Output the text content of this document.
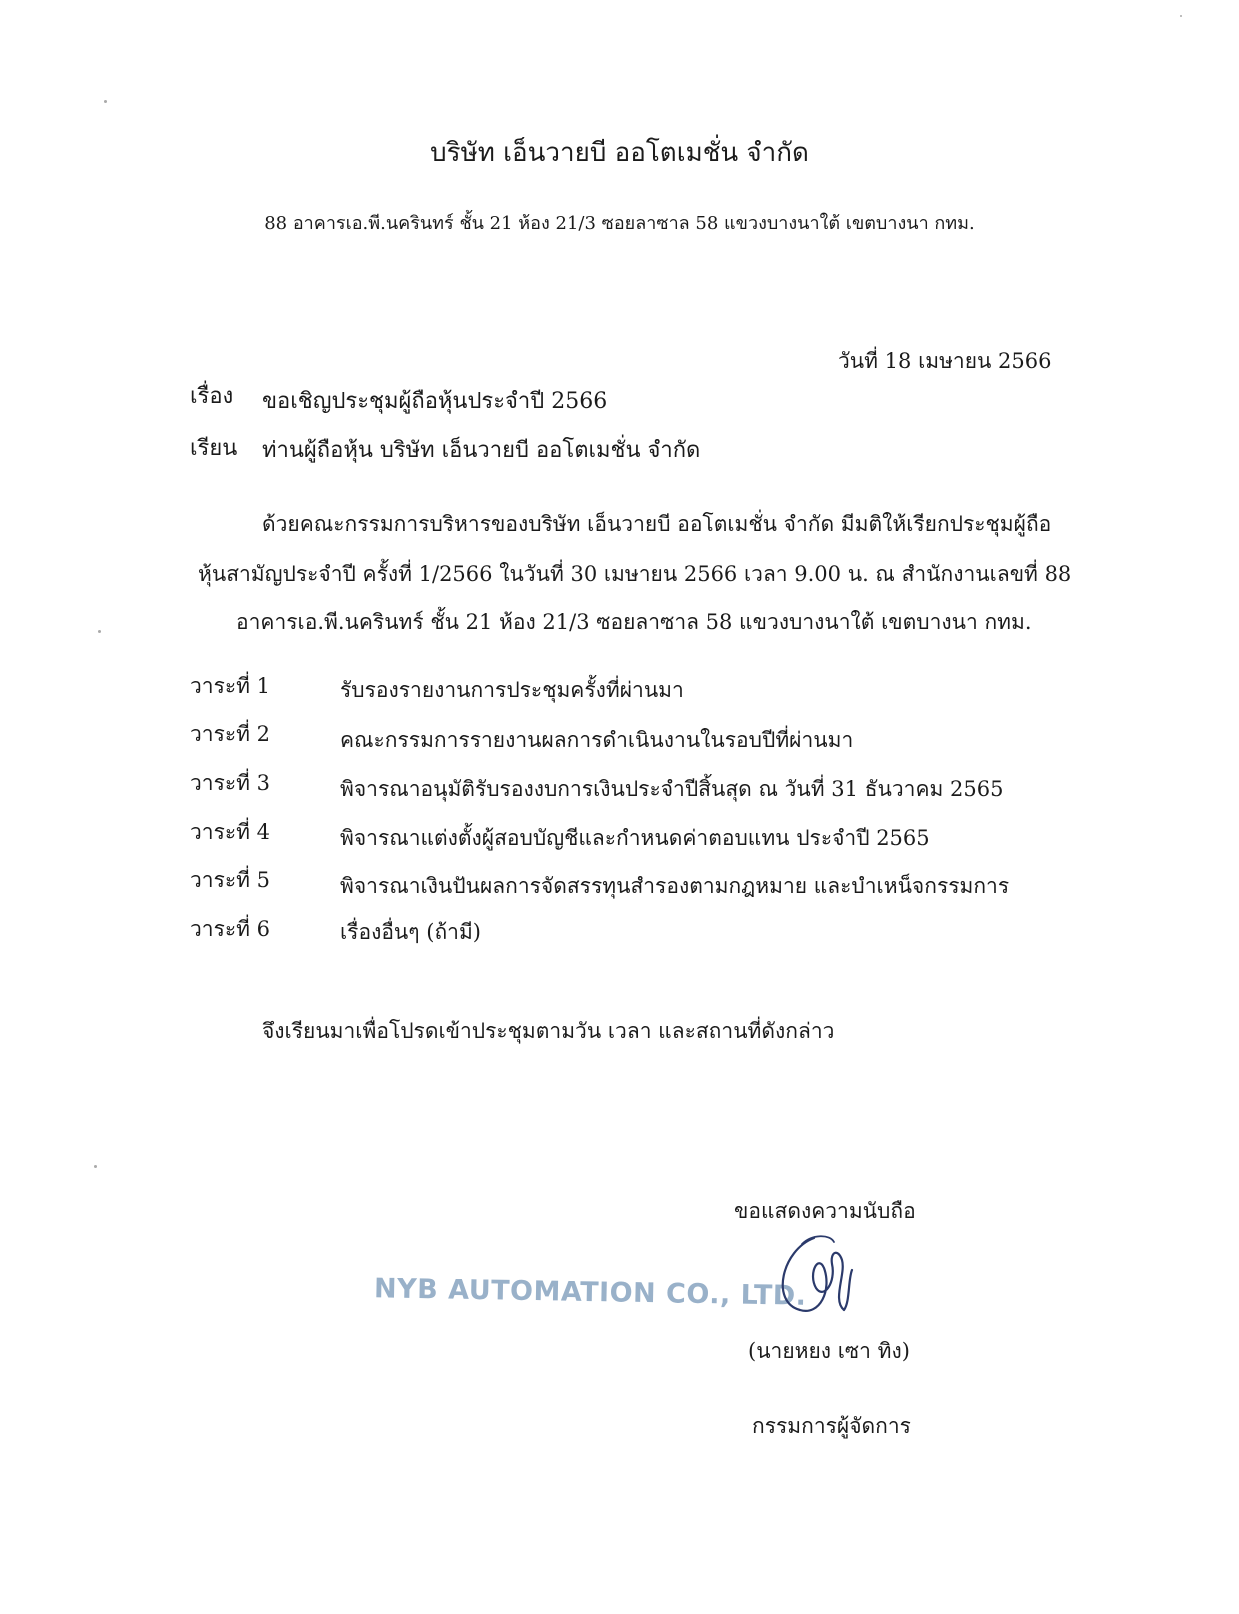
บริษัท เอ็นวายบี ออโตเมชั่น จำกัด
88 อาคารเอ.พี.นครินทร์ ชั้น 21 ห้อง 21/3 ซอยลาซาล 58 แขวงบางนาใต้ เขตบางนา กทม.
วันที่ 18 เมษายน 2566
เรื่อง ขอเชิญประชุมผู้ถือหุ้นประจำปี 2566
เรียน ท่านผู้ถือหุ้น บริษัท เอ็นวายบี ออโตเมชั่น จำกัด
ด้วยคณะกรรมการบริหารของบริษัท เอ็นวายบี ออโตเมชั่น จำกัด มีมติให้เรียกประชุมผู้ถือ
หุ้นสามัญประจำปี ครั้งที่ 1/2566 ในวันที่ 30 เมษายน 2566 เวลา 9.00 น. ณ สำนักงานเลขที่ 88
อาคารเอ.พี.นครินทร์ ชั้น 21 ห้อง 21/3 ซอยลาซาล 58 แขวงบางนาใต้ เขตบางนา กทม.
วาระที่ 1	รับรองรายงานการประชุมครั้งที่ผ่านมา
วาระที่ 2	คณะกรรมการรายงานผลการดำเนินงานในรอบปีที่ผ่านมา
วาระที่ 3	พิจารณาอนุมัติรับรองงบการเงินประจำปีสิ้นสุด ณ วันที่ 31 ธันวาคม 2565
วาระที่ 4	พิจารณาแต่งตั้งผู้สอบบัญชีและกำหนดค่าตอบแทน ประจำปี 2565
วาระที่ 5	พิจารณาเงินปันผลการจัดสรรทุนสำรองตามกฎหมาย และบำเหน็จกรรมการ
วาระที่ 6	เรื่องอื่นๆ (ถ้ามี)
จึงเรียนมาเพื่อโปรดเข้าประชุมตามวัน เวลา และสถานที่ดังกล่าว
ขอแสดงความนับถือ
NYB AUTOMATION CO., LTD.
(นายหยง เซา ทิง)
กรรมการผู้จัดการ
